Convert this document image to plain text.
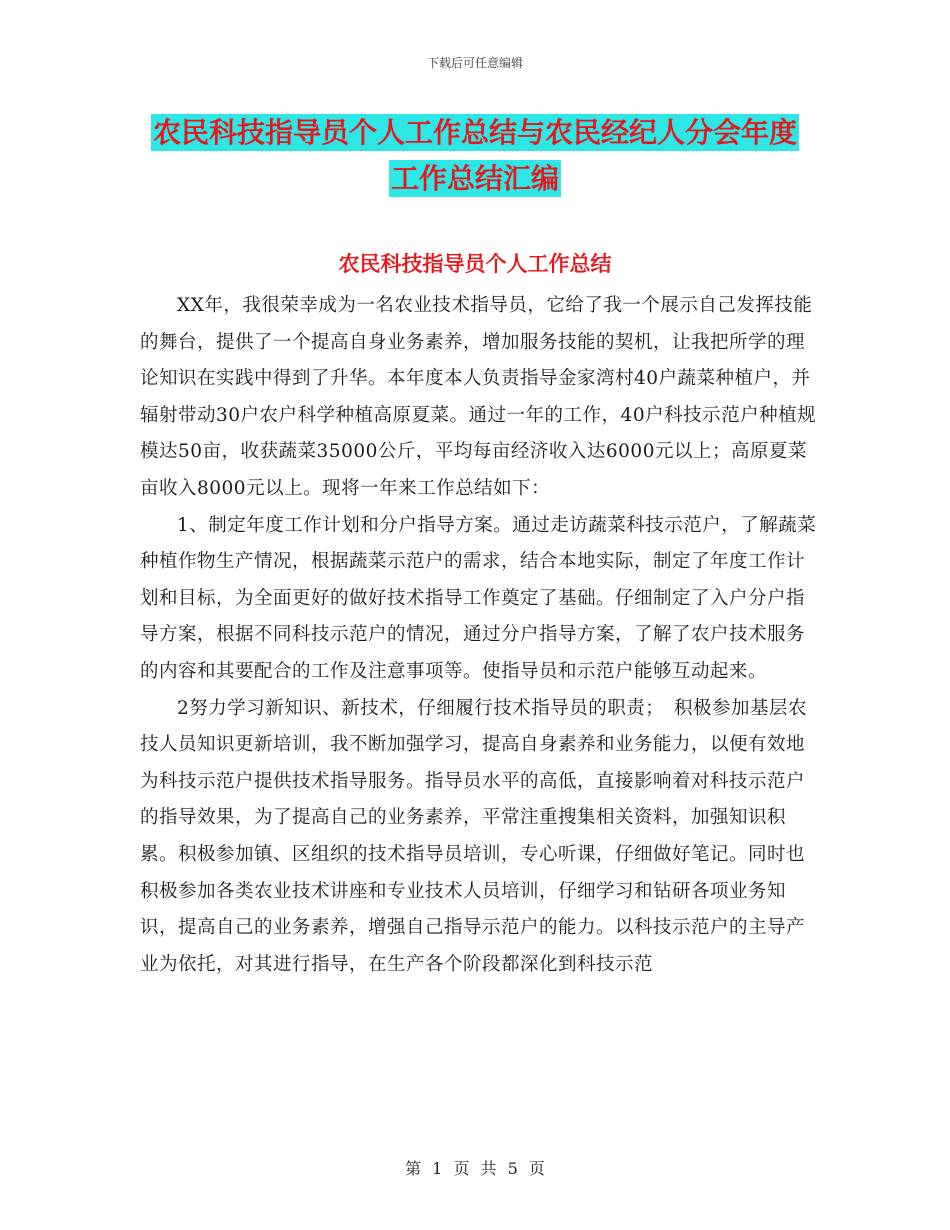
下载后可任意编辑
农民科技指导员个人工作总结与农民经纪人分会年度
工作总结汇编
农民科技指导员个人工作总结

XX年，我很荣幸成为一名农业技术指导员，它给了我一个展示自己发挥技能的舞台，提供了一个提高自身业务素养，增加服务技能的契机，让我把所学的理论知识在实践中得到了升华。本年度本人负责指导金家湾村40户蔬菜种植户，并辐射带动30户农户科学种植高原夏菜。通过一年的工作，40户科技示范户种植规模达50亩，收获蔬菜35000公斤，平均每亩经济收入达6000元以上；高原夏菜亩收入8000元以上。现将一年来工作总结如下：

1、制定年度工作计划和分户指导方案。通过走访蔬菜科技示范户，了解蔬菜种植作物生产情况，根据蔬菜示范户的需求，结合本地实际，制定了年度工作计划和目标，为全面更好的做好技术指导工作奠定了基础。仔细制定了入户分户指导方案，根据不同科技示范户的情况，通过分户指导方案，了解了农户技术服务的内容和其要配合的工作及注意事项等。使指导员和示范户能够互动起来。

2努力学习新知识、新技术，仔细履行技术指导员的职责；　积极参加基层农技人员知识更新培训，我不断加强学习，提高自身素养和业务能力，以便有效地为科技示范户提供技术指导服务。指导员水平的高低，直接影响着对科技示范户的指导效果，为了提高自己的业务素养，平常注重搜集相关资料，加强知识积累。积极参加镇、区组织的技术指导员培训，专心听课，仔细做好笔记。同时也积极参加各类农业技术讲座和专业技术人员培训，仔细学习和钻研各项业务知识，提高自己的业务素养，增强自己指导示范户的能力。以科技示范户的主导产业为依托，对其进行指导，在生产各个阶段都深化到科技示范

第 1 页 共 5 页
